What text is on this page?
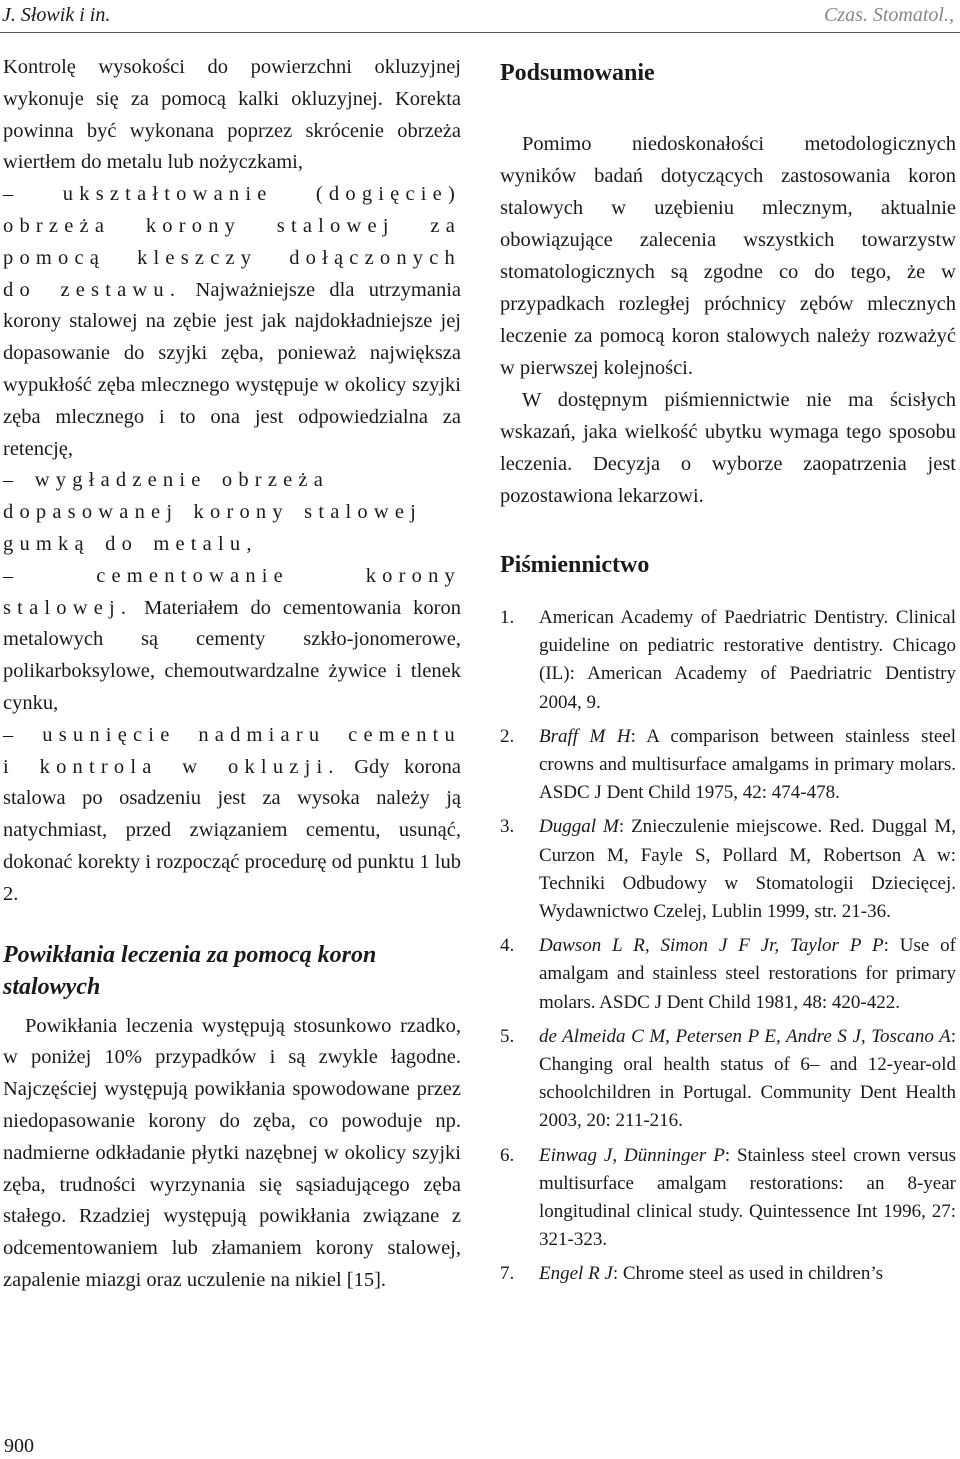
J. Słowik i in.	Czas. Stomatol.,

Kontrolę wysokości do powierzchni okluzyjnej wykonuje się za pomocą kalki okluzyjnej. Korekta powinna być wykonana poprzez skrócenie obrzeża wiertłem do metalu lub nożyczkami,

– ukształtowanie (dogięcie) obrzeża korony stalowej za pomocą kleszczy dołączonych do zestawu. Najważniejsze dla utrzymania korony stalowej na zębie jest jak najdokładniejsze jej dopasowanie do szyjki zęba, ponieważ największa wypukłość zęba mlecznego występuje w okolicy szyjki zęba mlecznego i to ona jest odpowiedzialna za retencję,

– wygładzenie obrzeża dopasowanej korony stalowej gumką do metalu,

– cementowanie korony stalowej. Materiałem do cementowania koron metalowych są cementy szkło-jonomerowe, polikarboksylowe, chemoutwardzalne żywice i tlenek cynku,

– usunięcie nadmiaru cementu i kontrola w okluzji. Gdy korona stalowa po osadzeniu jest za wysoka należy ją natychmiast, przed związaniem cementu, usunąć, dokonać korekty i rozpocząć procedurę od punktu 1 lub 2.

Powikłania leczenia za pomocą koron stalowych

Powikłania leczenia występują stosunkowo rzadko, w poniżej 10% przypadków i są zwykle łagodne. Najczęściej występują powikłania spowodowane przez niedopasowanie korony do zęba, co powoduje np. nadmierne odkładanie płytki nazębnej w okolicy szyjki zęba, trudności wyrzynania się sąsiadującego zęba stałego. Rzadziej występują powikłania związane z odcementowaniem lub złamaniem korony stalowej, zapalenie miazgi oraz uczulenie na nikiel [15].

Podsumowanie

Pomimo niedoskonałości metodologicznych wyników badań dotyczących zastosowania koron stalowych w uzębieniu mlecznym, aktualnie obowiązujące zalecenia wszystkich towarzystw stomatologicznych są zgodne co do tego, że w przypadkach rozległej próchnicy zębów mlecznych leczenie za pomocą koron stalowych należy rozważyć w pierwszej kolejności.

W dostępnym piśmiennictwie nie ma ścisłych wskazań, jaka wielkość ubytku wymaga tego sposobu leczenia. Decyzja o wyborze zaopatrzenia jest pozostawiona lekarzowi.

Piśmiennictwo
1. American Academy of Paedriatric Dentistry. Clinical guideline on pediatric restorative dentistry. Chicago (IL): American Academy of Paedriatric Dentistry 2004, 9.
2. Braff M H: A comparison between stainless steel crowns and multisurface amalgams in primary molars. ASDC J Dent Child 1975, 42: 474-478.
3. Duggal M: Znieczulenie miejscowe. Red. Duggal M, Curzon M, Fayle S, Pollard M, Robertson A w: Techniki Odbudowy w Stomatologii Dziecięcej. Wydawnictwo Czelej, Lublin 1999, str. 21-36.
4. Dawson L R, Simon J F Jr, Taylor P P: Use of amalgam and stainless steel restorations for primary molars. ASDC J Dent Child 1981, 48: 420-422.
5. de Almeida C M, Petersen P E, Andre S J, Toscano A: Changing oral health status of 6– and 12-year-old schoolchildren in Portugal. Community Dent Health 2003, 20: 211-216.
6. Einwag J, Dünninger P: Stainless steel crown versus multisurface amalgam restorations: an 8-year longitudinal clinical study. Quintessence Int 1996, 27: 321-323.
7. Engel R J: Chrome steel as used in children’s
900
